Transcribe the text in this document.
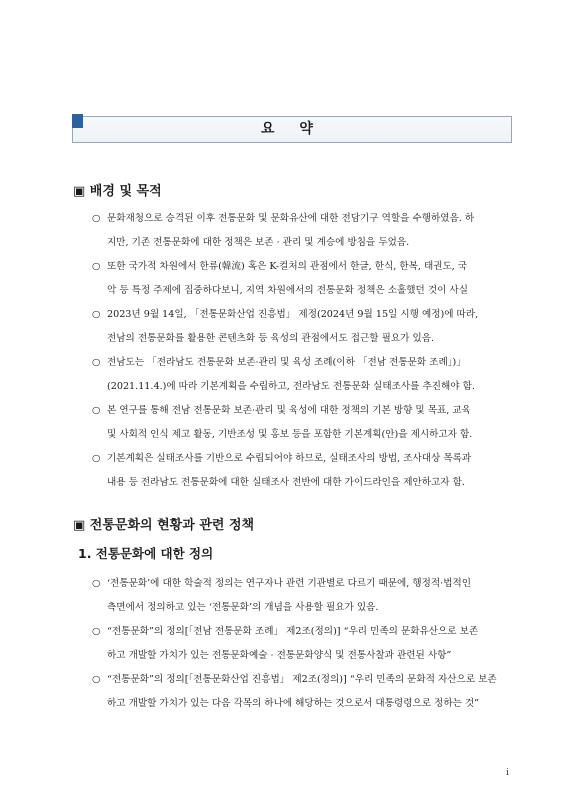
요 약
▣ 배경 및 목적
○ 문화재청으로 승격된 이후 전통문화 및 문화유산에 대한 전담기구 역할을 수행하였음. 하
지만, 기존 전통문화에 대한 정책은 보존 · 관리 및 계승에 방침을 두었음.
○ 또한 국가적 차원에서 한류(韓流) 혹은 K-컬처의 관점에서 한글, 한식, 한복, 태권도, 국
악 등 특정 주제에 집중하다보니, 지역 차원에서의 전통문화 정책은 소홀했던 것이 사실
○ 2023년 9월 14일, 「전통문화산업 진흥법」 제정(2024년 9월 15일 시행 예정)에 따라,
전남의 전통문화를 활용한 콘텐츠화 등 육성의 관점에서도 접근할 필요가 있음.
○ 전남도는 「전라남도 전통문화 보존·관리 및 육성 조례(이하 「전남 전통문화 조례」)」
(2021.11.4.)에 따라 기본계획을 수립하고, 전라남도 전통문화 실태조사를 추진해야 함.
○ 본 연구를 통해 전남 전통문화 보존·관리 및 육성에 대한 정책의 기본 방향 및 목표, 교육
및 사회적 인식 제고 활동, 기반조성 및 홍보 등을 포함한 기본계획(안)을 제시하고자 함.
○ 기본계획은 실태조사를 기반으로 수립되어야 하므로, 실태조사의 방법, 조사대상 목록과
내용 등 전라남도 전통문화에 대한 실태조사 전반에 대한 가이드라인을 제안하고자 함.
▣ 전통문화의 현황과 관련 정책
1. 전통문화에 대한 정의
○ ‘전통문화’에 대한 학술적 정의는 연구자나 관련 기관별로 다르기 때문에, 행정적·법적인
측면에서 정의하고 있는 ‘전통문화’의 개념을 사용할 필요가 있음.
○ “전통문화”의 정의[「전남 전통문화 조례」 제2조(정의)] “우리 민족의 문화유산으로 보존
하고 개발할 가치가 있는 전통문화예술 · 전통문화양식 및 전통사찰과 관련된 사항”
○ “전통문화”의 정의[「전통문화산업 진흥법」 제2조(정의)] “우리 민족의 문화적 자산으로 보존
하고 개발할 가치가 있는 다음 각목의 하나에 해당하는 것으로서 대통령령으로 정하는 것”
i
